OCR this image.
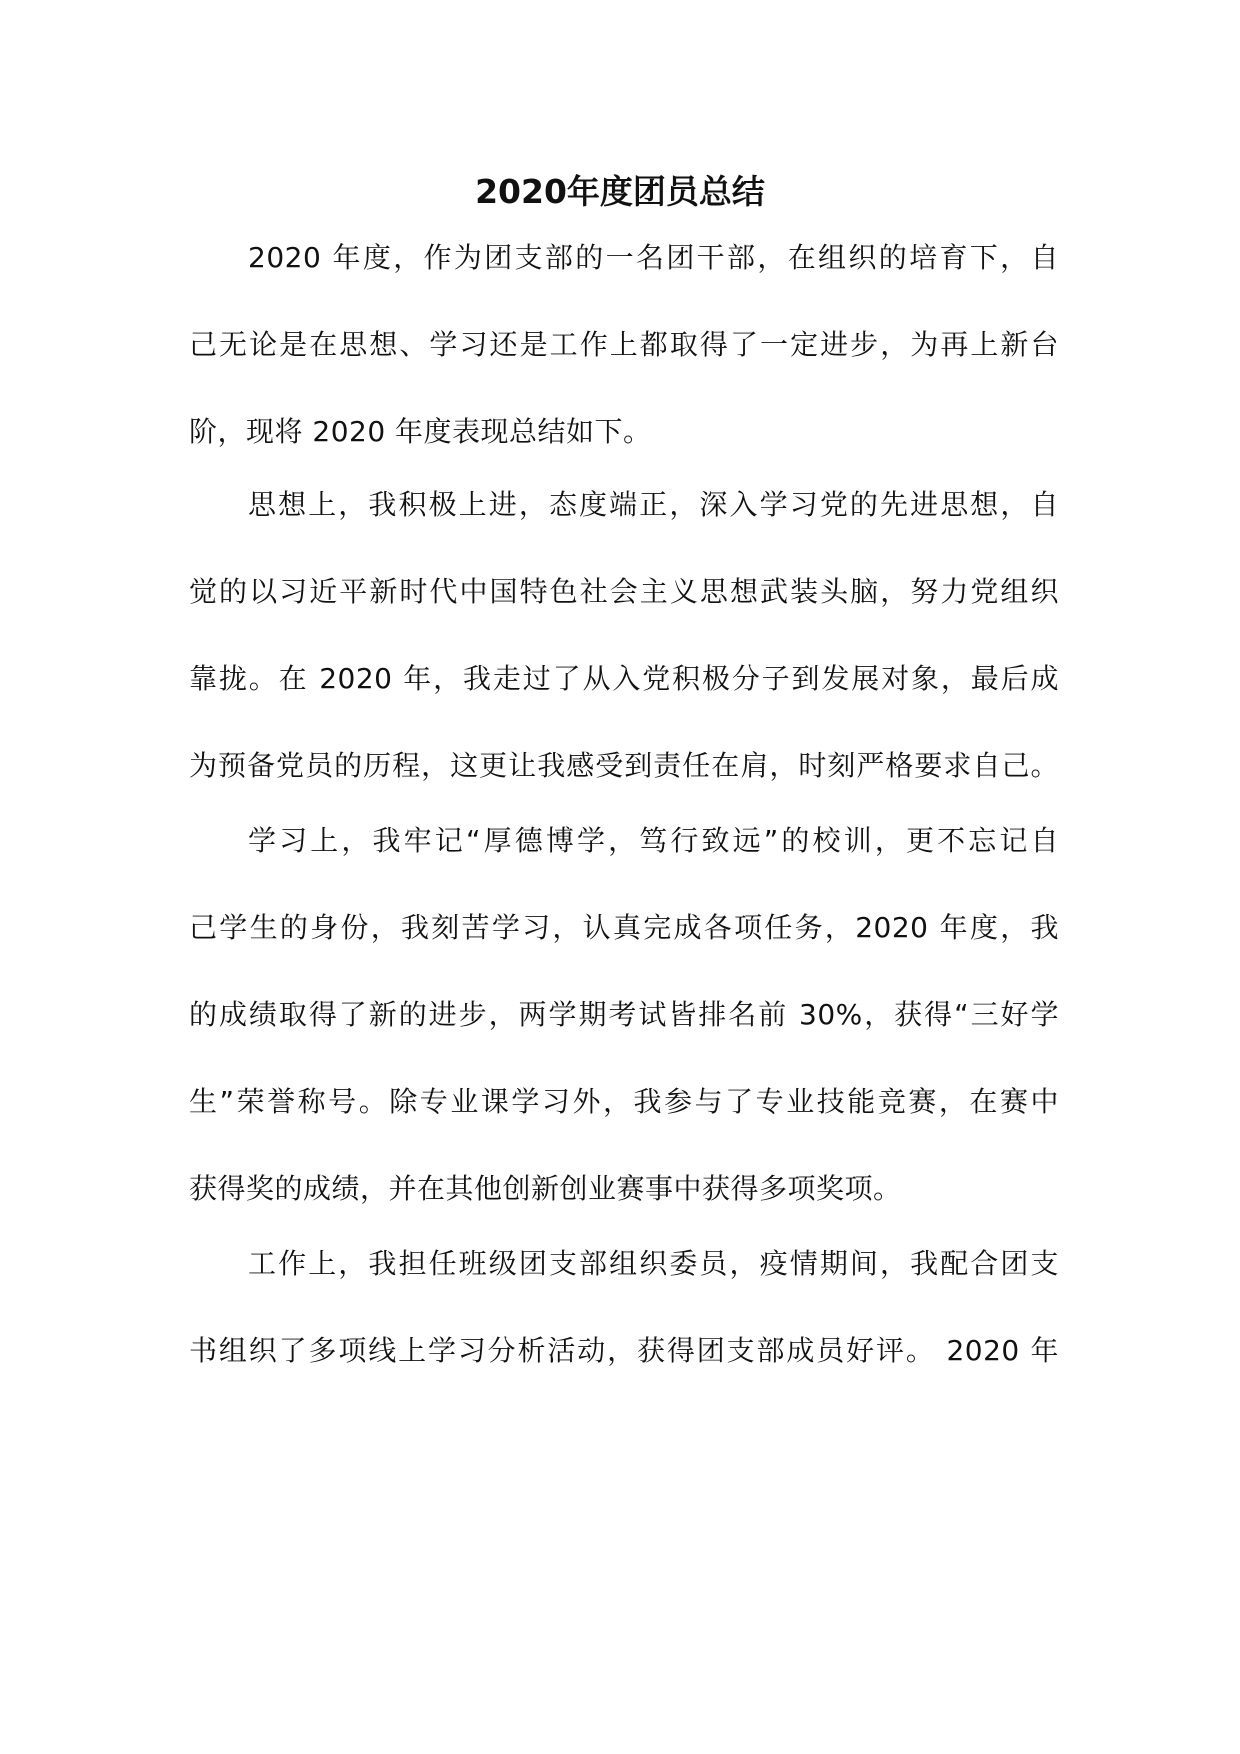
2020年度团员总结

2020 年度，作为团支部的一名团干部，在组织的培育下，自

己无论是在思想、学习还是工作上都取得了一定进步，为再上新台

阶，现将 2020 年度表现总结如下。

思想上，我积极上进，态度端正，深入学习党的先进思想，自

觉的以习近平新时代中国特色社会主义思想武装头脑，努力党组织

靠拢。在 2020 年，我走过了从入党积极分子到发展对象，最后成

为预备党员的历程，这更让我感受到责任在肩，时刻严格要求自己。

学习上，我牢记“厚德博学，笃行致远”的校训，更不忘记自

己学生的身份，我刻苦学习，认真完成各项任务，2020 年度，我

的成绩取得了新的进步，两学期考试皆排名前 30%，获得“三好学

生”荣誉称号。除专业课学习外，我参与了专业技能竞赛，在赛中

获得奖的成绩，并在其他创新创业赛事中获得多项奖项。

工作上，我担任班级团支部组织委员，疫情期间，我配合团支

书组织了多项线上学习分析活动，获得团支部成员好评。 2020 年
